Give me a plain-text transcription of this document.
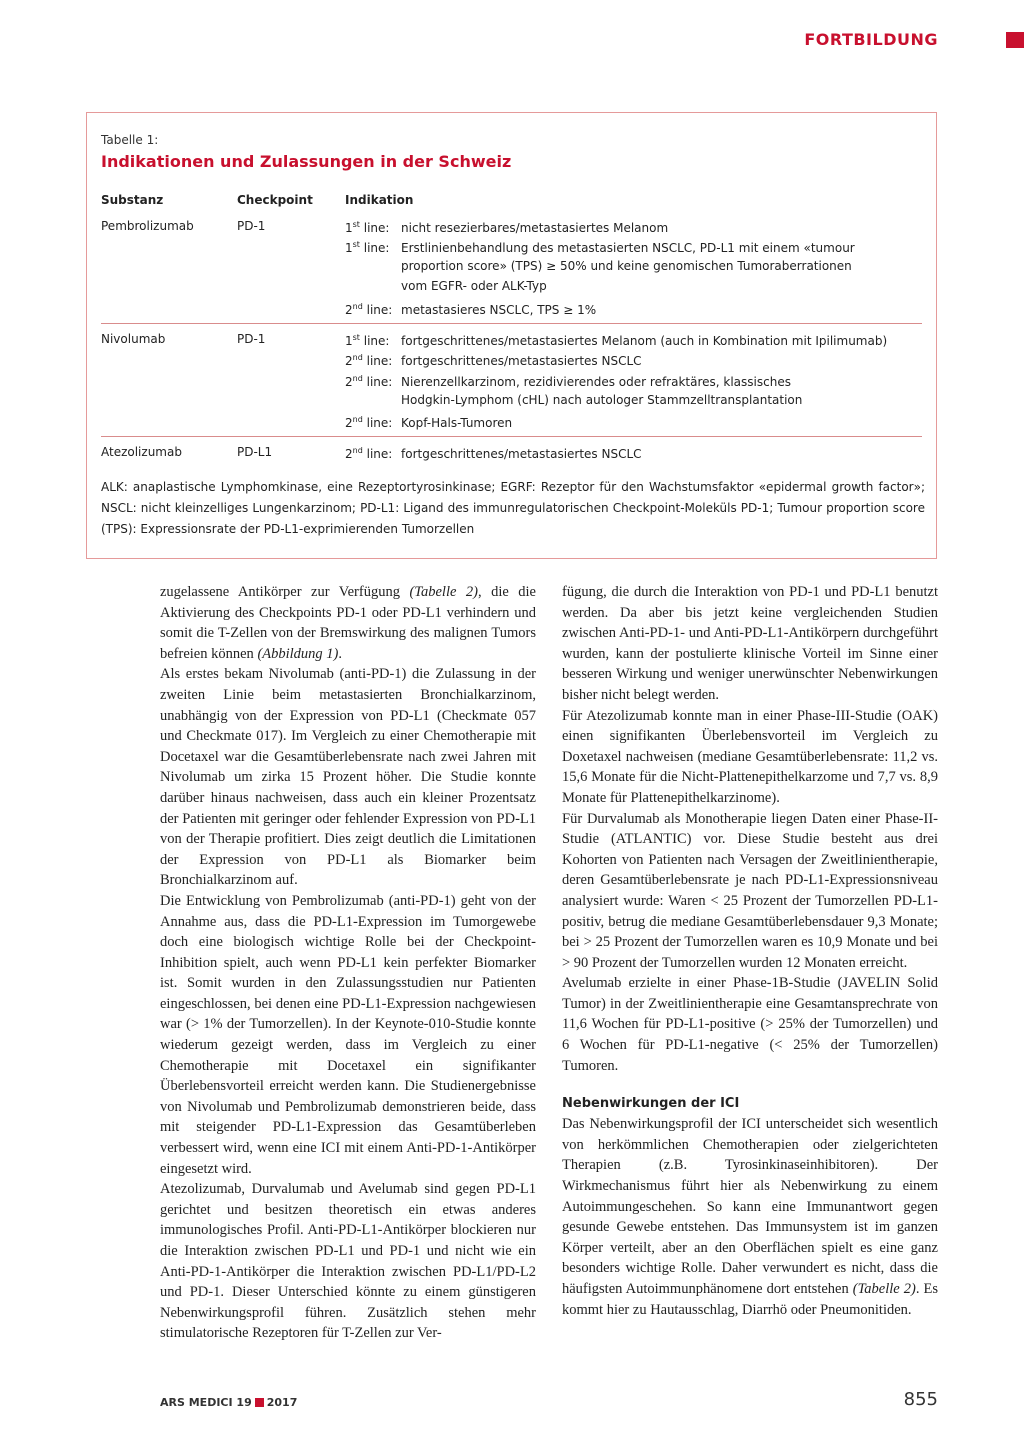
FORTBILDUNG
Tabelle 1:
Indikationen und Zulassungen in der Schweiz
Substanz	Checkpoint	Indikation
Pembrolizumab	PD-1	1st line: nicht resezierbares/metastasiertes Melanom
1st line: Erstlinienbehandlung des metastasierten NSCLC, PD-L1 mit einem «tumour
proportion score» (TPS) ≥ 50% und keine genomischen Tumoraberrationen
vom EGFR- oder ALK-Typ
2nd line: metastasieres NSCLC, TPS ≥ 1%
Nivolumab	PD-1	1st line: fortgeschrittenes/metastasiertes Melanom (auch in Kombination mit Ipilimumab)
2nd line: fortgeschrittenes/metastasiertes NSCLC
2nd line: Nierenzellkarzinom, rezidivierendes oder refraktäres, klassisches
Hodgkin-Lymphom (cHL) nach autologer Stammzelltransplantation
2nd line: Kopf-Hals-Tumoren
Atezolizumab	PD-L1	2nd line: fortgeschrittenes/metastasiertes NSCLC
ALK: anaplastische Lymphomkinase, eine Rezeptortyrosinkinase; EGRF: Rezeptor für den Wachstumsfaktor «epidermal growth factor»; NSCL: nicht kleinzelliges Lungenkarzinom; PD-L1: Ligand des immunregulatorischen Checkpoint-Moleküls PD-1; Tumour proportion score (TPS): Expressionsrate der PD-L1-exprimierenden Tumorzellen

zugelassene Antikörper zur Verfügung (Tabelle 2), die die Aktivierung des Checkpoints PD-1 oder PD-L1 verhindern und somit die T-Zellen von der Bremswirkung des malignen Tumors befreien können (Abbildung 1).

Als erstes bekam Nivolumab (anti-PD-1) die Zulassung in der zweiten Linie beim metastasierten Bronchialkarzinom, unabhängig von der Expression von PD-L1 (Checkmate 057 und Checkmate 017). Im Vergleich zu einer Chemotherapie mit Docetaxel war die Gesamtüberlebensrate nach zwei Jahren mit Nivolumab um zirka 15 Prozent höher. Die Studie konnte darüber hinaus nachweisen, dass auch ein kleiner Prozentsatz der Patienten mit geringer oder fehlender Expression von PD-L1 von der Therapie profitiert. Dies zeigt deutlich die Limitationen der Expression von PD-L1 als Biomarker beim Bronchialkarzinom auf.

Die Entwicklung von Pembrolizumab (anti-PD-1) geht von der Annahme aus, dass die PD-L1-Expression im Tumorgewebe doch eine biologisch wichtige Rolle bei der Checkpoint-Inhibition spielt, auch wenn PD-L1 kein perfekter Biomarker ist. Somit wurden in den Zulassungsstudien nur Patienten eingeschlossen, bei denen eine PD-L1-Expression nachgewiesen war (> 1% der Tumorzellen). In der Keynote-010-Studie konnte wiederum gezeigt werden, dass im Vergleich zu einer Chemotherapie mit Docetaxel ein signifikanter Überlebensvorteil erreicht werden kann. Die Studienergebnisse von Nivolumab und Pembrolizumab demonstrieren beide, dass mit steigender PD-L1-Expression das Gesamtüberleben verbessert wird, wenn eine ICI mit einem Anti-PD-1-Antikörper eingesetzt wird.

Atezolizumab, Durvalumab und Avelumab sind gegen PD-L1 gerichtet und besitzen theoretisch ein etwas anderes immunologisches Profil. Anti-PD-L1-Antikörper blockieren nur die Interaktion zwischen PD-L1 und PD-1 und nicht wie ein Anti-PD-1-Antikörper die Interaktion zwischen PD-L1/PD-L2 und PD-1. Dieser Unterschied könnte zu einem günstigeren Nebenwirkungsprofil führen. Zusätzlich stehen mehr stimulatorische Rezeptoren für T-Zellen zur Ver-

fügung, die durch die Interaktion von PD-1 und PD-L1 benutzt werden. Da aber bis jetzt keine vergleichenden Studien zwischen Anti-PD-1- und Anti-PD-L1-Antikörpern durchgeführt wurden, kann der postulierte klinische Vorteil im Sinne einer besseren Wirkung und weniger unerwünschter Nebenwirkungen bisher nicht belegt werden.

Für Atezolizumab konnte man in einer Phase-III-Studie (OAK) einen signifikanten Überlebensvorteil im Vergleich zu Doxetaxel nachweisen (mediane Gesamtüberlebensrate: 11,2 vs. 15,6 Monate für die Nicht-Plattenepithelkarzome und 7,7 vs. 8,9 Monate für Plattenepithelkarzinome).

Für Durvalumab als Monotherapie liegen Daten einer Phase-II-Studie (ATLANTIC) vor. Diese Studie besteht aus drei Kohorten von Patienten nach Versagen der Zweitlinientherapie, deren Gesamtüberlebensrate je nach PD-L1-Expressionsniveau analysiert wurde: Waren < 25 Prozent der Tumorzellen PD-L1-positiv, betrug die mediane Gesamtüberlebensdauer 9,3 Monate; bei > 25 Prozent der Tumorzellen waren es 10,9 Monate und bei > 90 Prozent der Tumorzellen wurden 12 Monaten erreicht.

Avelumab erzielte in einer Phase-1B-Studie (JAVELIN Solid Tumor) in der Zweitlinientherapie eine Gesamtansprechrate von 11,6 Wochen für PD-L1-positive (> 25% der Tumorzellen) und 6 Wochen für PD-L1-negative (< 25% der Tumorzellen) Tumoren.

Nebenwirkungen der ICI

Das Nebenwirkungsprofil der ICI unterscheidet sich wesentlich von herkömmlichen Chemotherapien oder zielgerichteten Therapien (z.B. Tyrosinkinaseinhibitoren). Der Wirkmechanismus führt hier als Nebenwirkung zu einem Autoimmungeschehen. So kann eine Immunantwort gegen gesunde Gewebe entstehen. Das Immunsystem ist im ganzen Körper verteilt, aber an den Oberflächen spielt es eine ganz besonders wichtige Rolle. Daher verwundert es nicht, dass die häufigsten Autoimmunphänomene dort entstehen (Tabelle 2). Es kommt hier zu Hautausschlag, Diarrhö oder Pneumonitiden.

ARS MEDICI 19 2017	855
